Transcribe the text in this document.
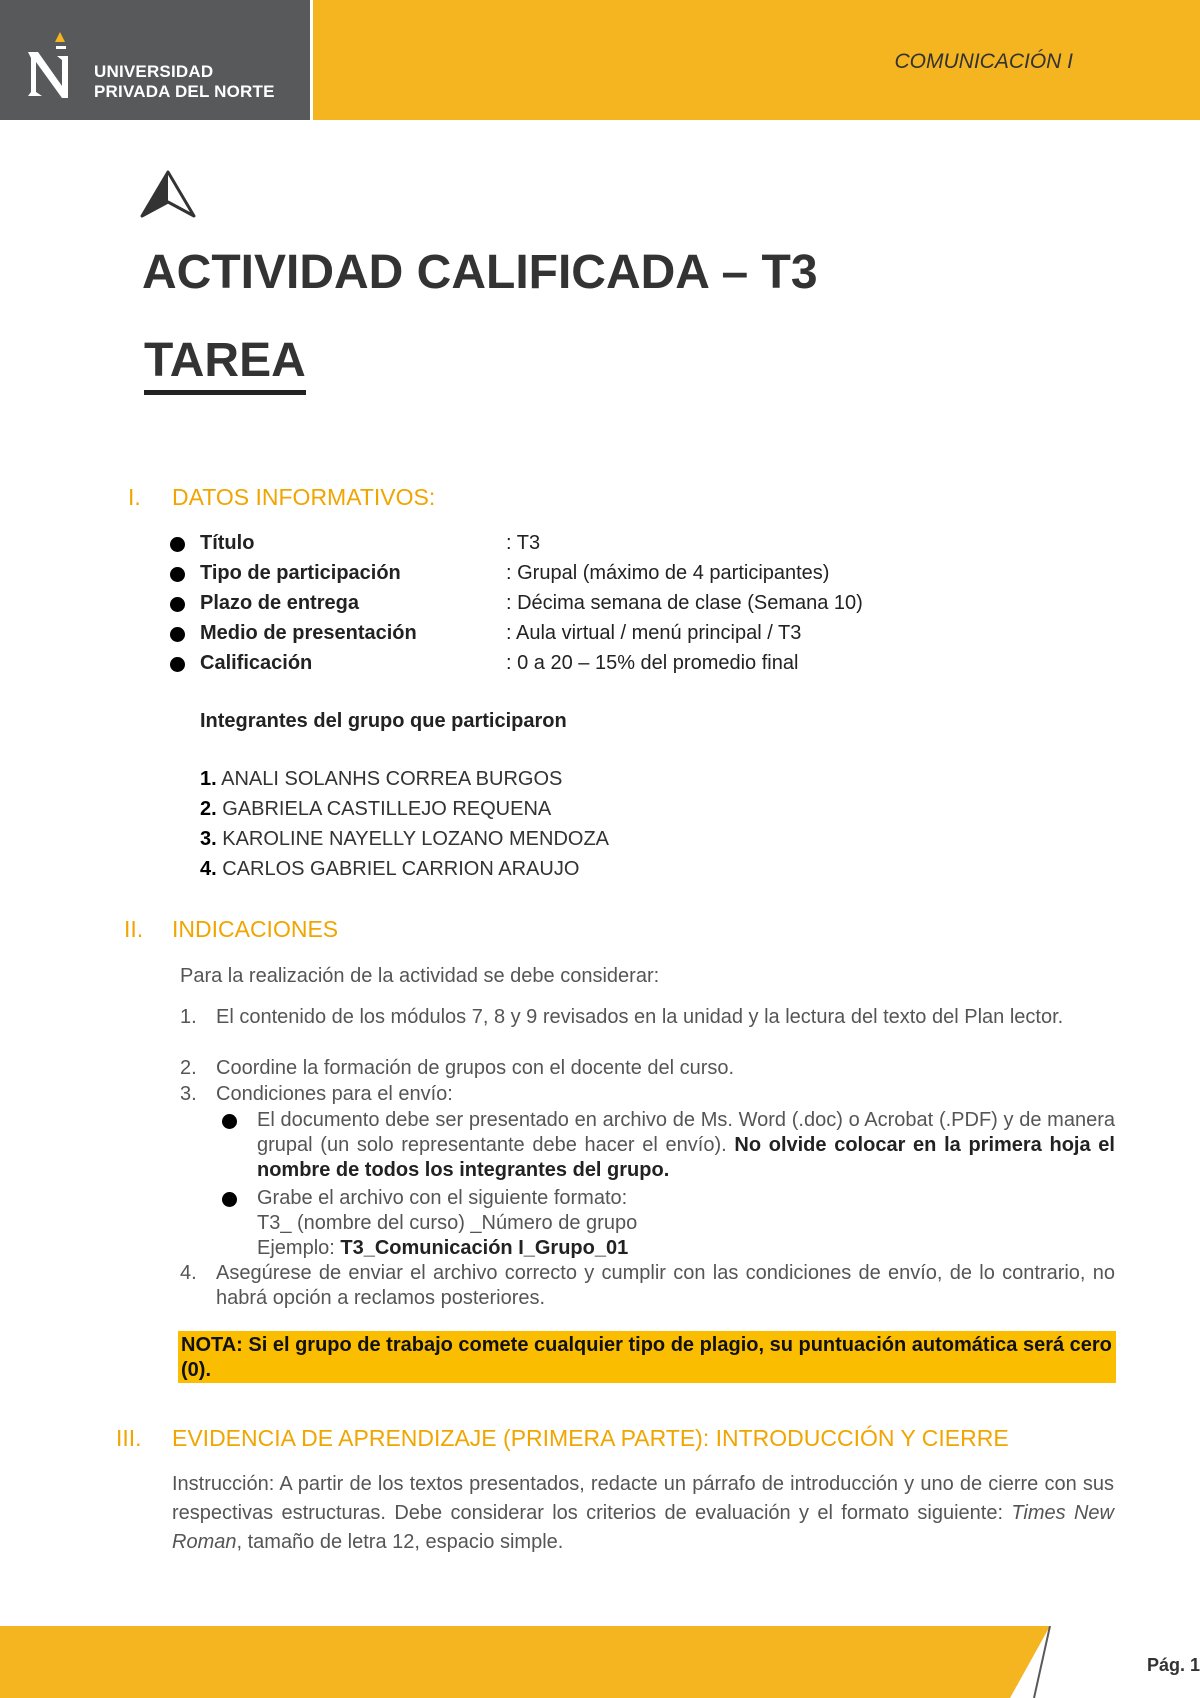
UNIVERSIDAD
PRIVADA DEL NORTE
COMUNICACIÓN I
ACTIVIDAD CALIFICADA – T3
TAREA
I. DATOS INFORMATIVOS:
Título	: T3
Tipo de participación	: Grupal (máximo de 4 participantes)
Plazo de entrega	: Décima semana de clase (Semana 10)
Medio de presentación	: Aula virtual / menú principal / T3
Calificación	: 0 a 20 – 15% del promedio final
Integrantes del grupo que participaron
1. ANALI SOLANHS CORREA BURGOS
2. GABRIELA CASTILLEJO REQUENA
3. KAROLINE NAYELLY LOZANO MENDOZA
4. CARLOS GABRIEL CARRION ARAUJO
II. INDICACIONES
Para la realización de la actividad se debe considerar:
1. El contenido de los módulos 7, 8 y 9 revisados en la unidad y la lectura del texto del Plan lector.
2. Coordine la formación de grupos con el docente del curso.
3. Condiciones para el envío:
El documento debe ser presentado en archivo de Ms. Word (.doc) o Acrobat (.PDF) y de manera grupal (un solo representante debe hacer el envío). No olvide colocar en la primera hoja el nombre de todos los integrantes del grupo.
Grabe el archivo con el siguiente formato:
T3_ (nombre del curso) _Número de grupo
Ejemplo: T3_Comunicación I_Grupo_01
4. Asegúrese de enviar el archivo correcto y cumplir con las condiciones de envío, de lo contrario, no habrá opción a reclamos posteriores.
NOTA: Si el grupo de trabajo comete cualquier tipo de plagio, su puntuación automática será cero (0).
III. EVIDENCIA DE APRENDIZAJE (PRIMERA PARTE): INTRODUCCIÓN Y CIERRE
Instrucción: A partir de los textos presentados, redacte un párrafo de introducción y uno de cierre con sus respectivas estructuras. Debe considerar los criterios de evaluación y el formato siguiente: Times New Roman, tamaño de letra 12, espacio simple.
Pág. 1
